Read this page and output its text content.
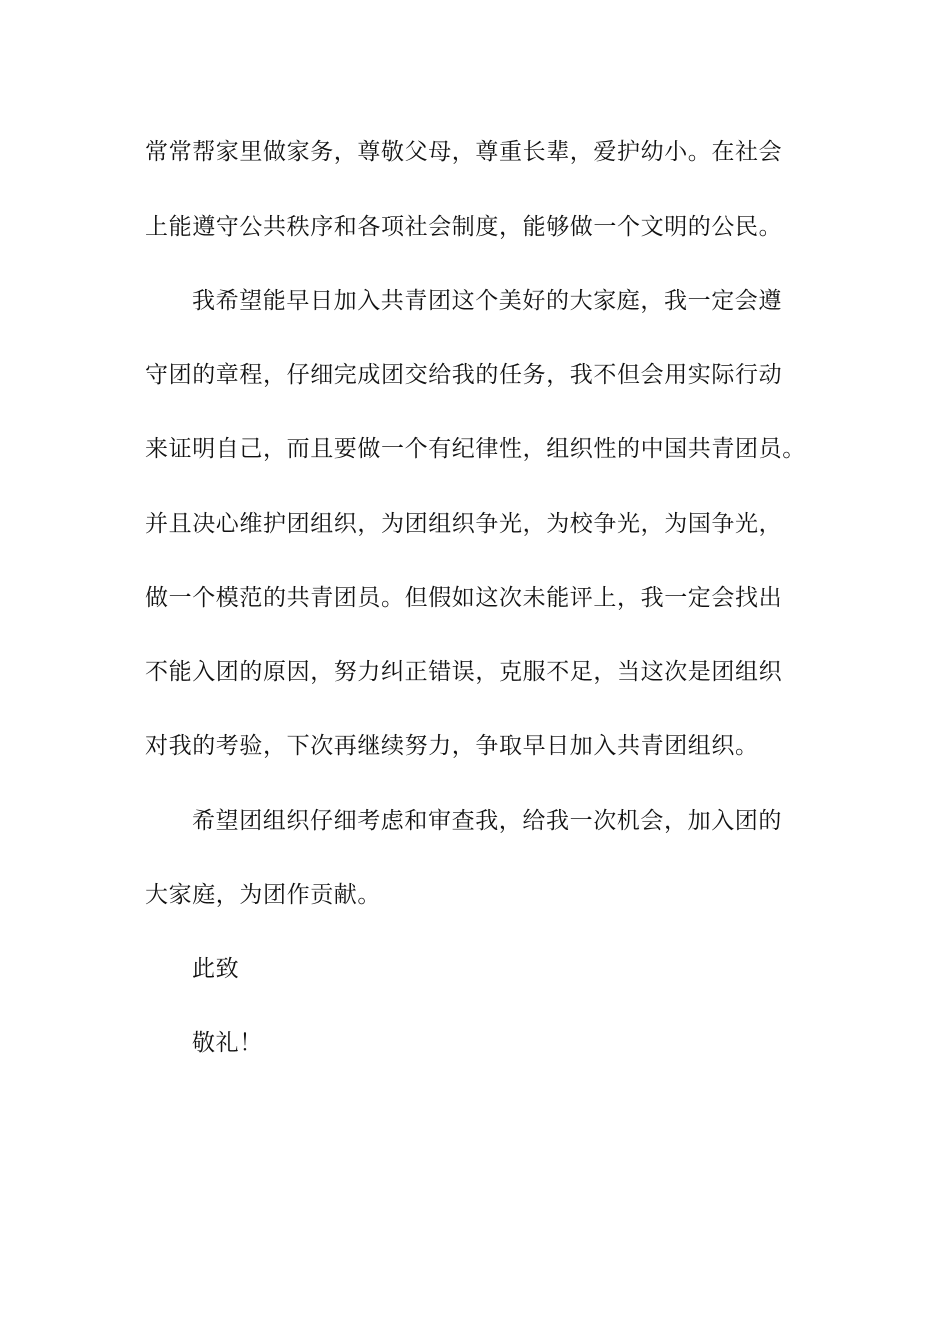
常常帮家里做家务，尊敬父母，尊重长辈，爱护幼小。在社会
上能遵守公共秩序和各项社会制度，能够做一个文明的公民。
我希望能早日加入共青团这个美好的大家庭，我一定会遵
守团的章程，仔细完成团交给我的任务，我不但会用实际行动
来证明自己，而且要做一个有纪律性，组织性的中国共青团员。
并且决心维护团组织，为团组织争光，为校争光，为国争光，
做一个模范的共青团员。但假如这次未能评上，我一定会找出
不能入团的原因，努力纠正错误，克服不足，当这次是团组织
对我的考验，下次再继续努力，争取早日加入共青团组织。
希望团组织仔细考虑和审查我，给我一次机会，加入团的
大家庭，为团作贡献。
此致
敬礼！
